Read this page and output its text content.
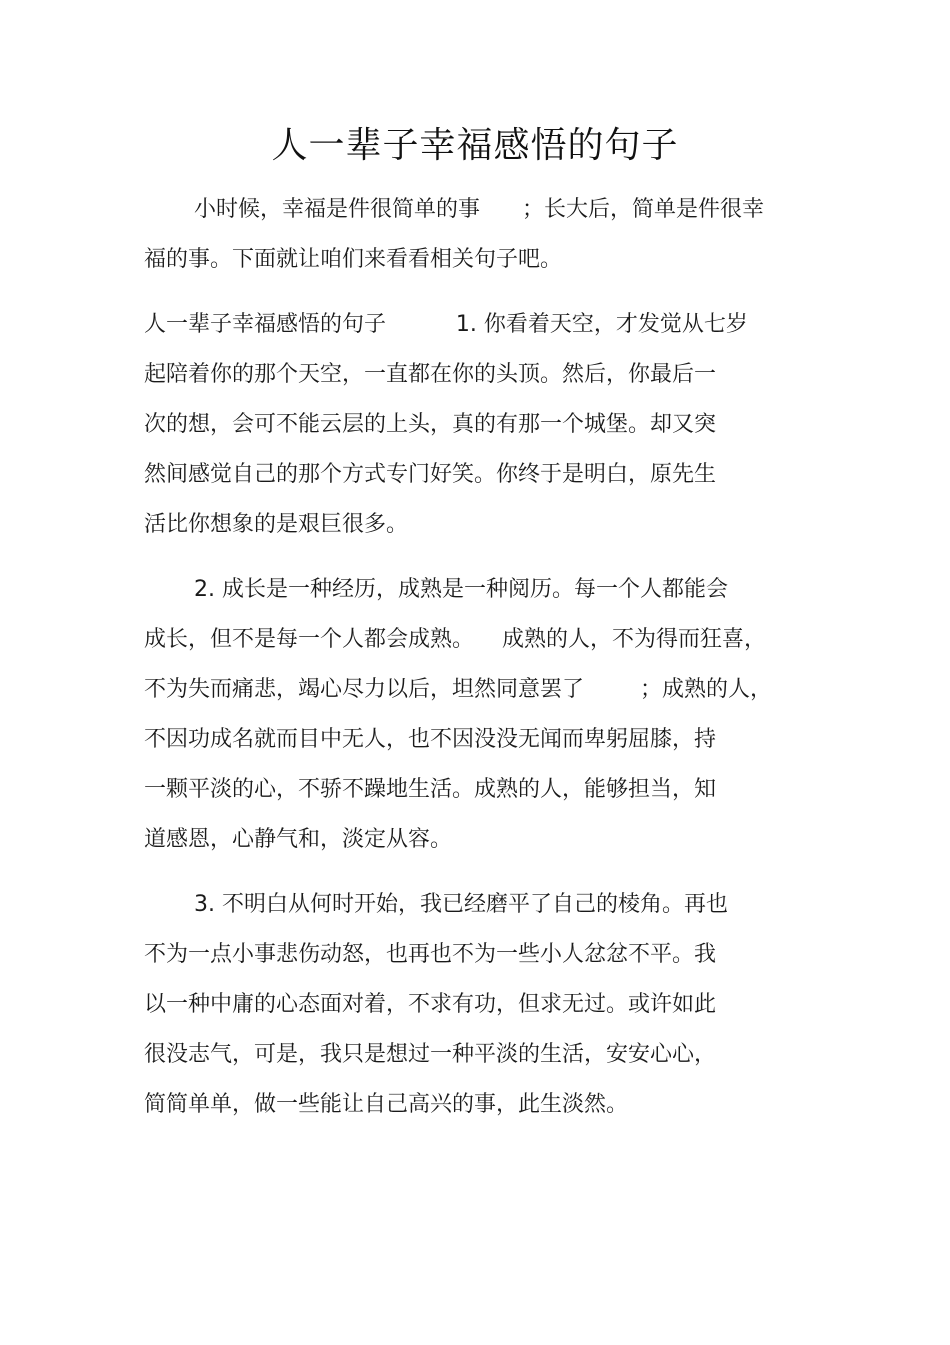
人一辈子幸福感悟的句子

小时候，幸福是件很简单的事      ；长大后，简单是件很幸

福的事。下面就让咱们来看看相关句子吧。

人一辈子幸福感悟的句子          1. 你看着天空，才发觉从七岁

起陪着你的那个天空，一直都在你的头顶。然后，你最后一

次的想，会可不能云层的上头，真的有那一个城堡。却又突

然间感觉自己的那个方式专门好笑。你终于是明白，原先生

活比你想象的是艰巨很多。

2. 成长是一种经历，成熟是一种阅历。每一个人都能会

成长，但不是每一个人都会成熟。    成熟的人，不为得而狂喜，

不为失而痛悲，竭心尽力以后，坦然同意罢了        ；成熟的人，

不因功成名就而目中无人，也不因没没无闻而卑躬屈膝，持

一颗平淡的心，不骄不躁地生活。成熟的人，能够担当，知

道感恩，心静气和，淡定从容。

3. 不明白从何时开始，我已经磨平了自己的棱角。再也

不为一点小事悲伤动怒，也再也不为一些小人忿忿不平。我

以一种中庸的心态面对着，不求有功，但求无过。或许如此

很没志气，可是，我只是想过一种平淡的生活，安安心心，

简简单单，做一些能让自己高兴的事，此生淡然。
